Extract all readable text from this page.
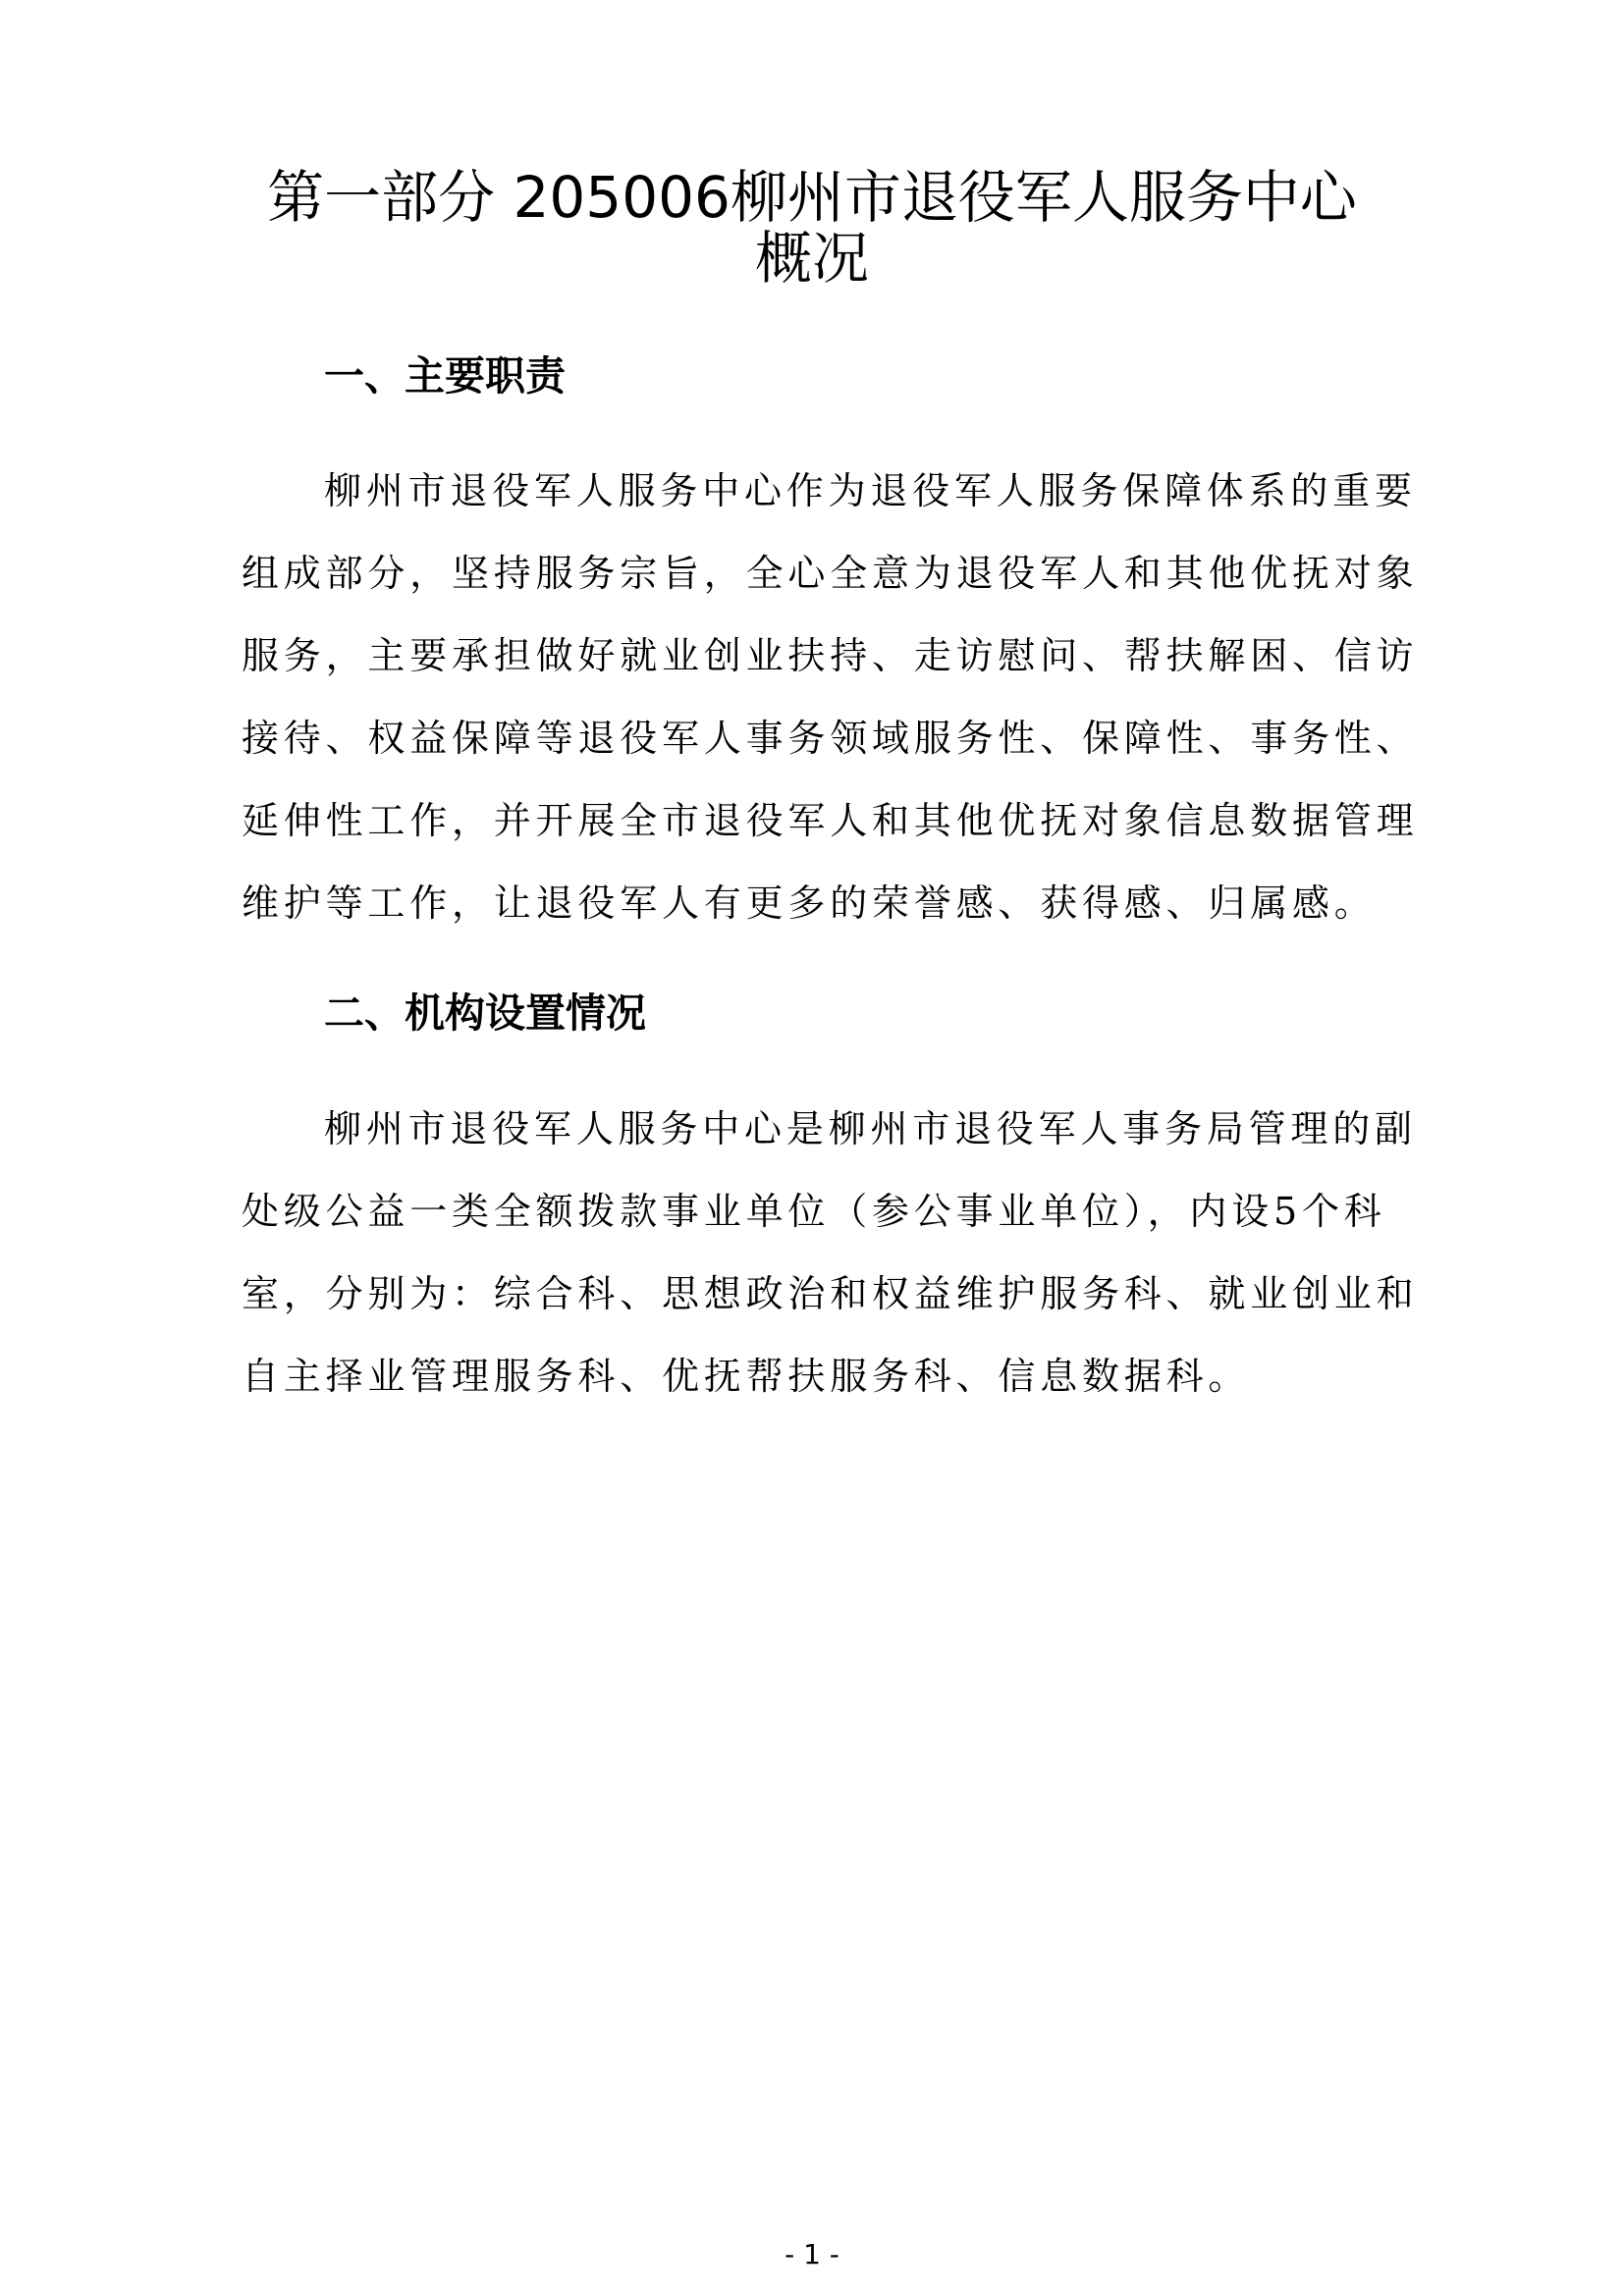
第一部分 205006柳州市退役军人服务中心
概况
一、主要职责
柳州市退役军人服务中心作为退役军人服务保障体系的重要
组成部分，坚持服务宗旨，全心全意为退役军人和其他优抚对象
服务，主要承担做好就业创业扶持、走访慰问、帮扶解困、信访
接待、权益保障等退役军人事务领域服务性、保障性、事务性、
延伸性工作，并开展全市退役军人和其他优抚对象信息数据管理
维护等工作，让退役军人有更多的荣誉感、获得感、归属感。
二、机构设置情况
柳州市退役军人服务中心是柳州市退役军人事务局管理的副
处级公益一类全额拨款事业单位（参公事业单位），内设5个科
室，分别为：综合科、思想政治和权益维护服务科、就业创业和
自主择业管理服务科、优抚帮扶服务科、信息数据科。
- 1 -
